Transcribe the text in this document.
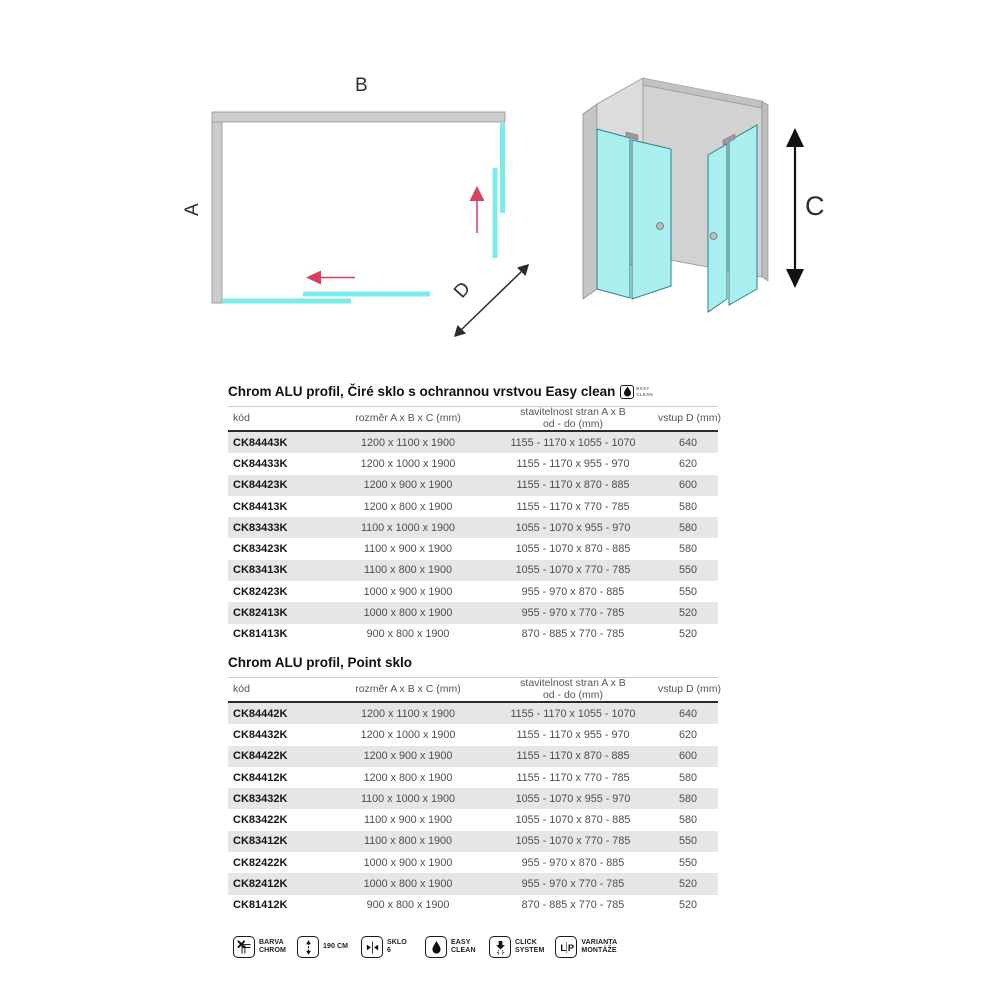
B
A
D
C
Chrom ALU profil, Čiré sklo s ochrannou vrstvou Easy clean	EASY
CLEAN
kód	rozměr A x B x C (mm)	stavitelnost stran A x B
od - do (mm)	vstup D (mm)
CK84443K	1200 x 1100 x 1900	1155 - 1170 x 1055 - 1070	640
CK84433K	1200 x 1000 x 1900	1155 - 1170 x 955 - 970	620
CK84423K	1200 x 900 x 1900	1155 - 1170 x 870 - 885	600
CK84413K	1200 x 800 x 1900	1155 - 1170 x 770 - 785	580
CK83433K	1100 x 1000 x 1900	1055 - 1070 x 955 - 970	580
CK83423K	1100 x 900 x 1900	1055 - 1070 x 870 - 885	580
CK83413K	1100 x 800 x 1900	1055 - 1070 x 770 - 785	550
CK82423K	1000 x 900 x 1900	955 - 970 x 870 - 885	550
CK82413K	1000 x 800 x 1900	955 - 970 x 770 - 785	520
CK81413K	900 x 800 x 1900	870 - 885 x 770 - 785	520
Chrom ALU profil, Point sklo
kód	rozměr A x B x C (mm)	stavitelnost stran A x B
od - do (mm)	vstup D (mm)
CK84442K	1200 x 1100 x 1900	1155 - 1170 x 1055 - 1070	640
CK84432K	1200 x 1000 x 1900	1155 - 1170 x 955 - 970	620
CK84422K	1200 x 900 x 1900	1155 - 1170 x 870 - 885	600
CK84412K	1200 x 800 x 1900	1155 - 1170 x 770 - 785	580
CK83432K	1100 x 1000 x 1900	1055 - 1070 x 955 - 970	580
CK83422K	1100 x 900 x 1900	1055 - 1070 x 870 - 885	580
CK83412K	1100 x 800 x 1900	1055 - 1070 x 770 - 785	550
CK82422K	1000 x 900 x 1900	955 - 970 x 870 - 885	550
CK82412K	1000 x 800 x 1900	955 - 970 x 770 - 785	520
CK81412K	900 x 800 x 1900	870 - 885 x 770 - 785	520
BARVA
CHROM
190 CM
SKLO
6
EASY
CLEAN
CLICK
SYSTEM L P
VARIANTA
MONTÁŽE
